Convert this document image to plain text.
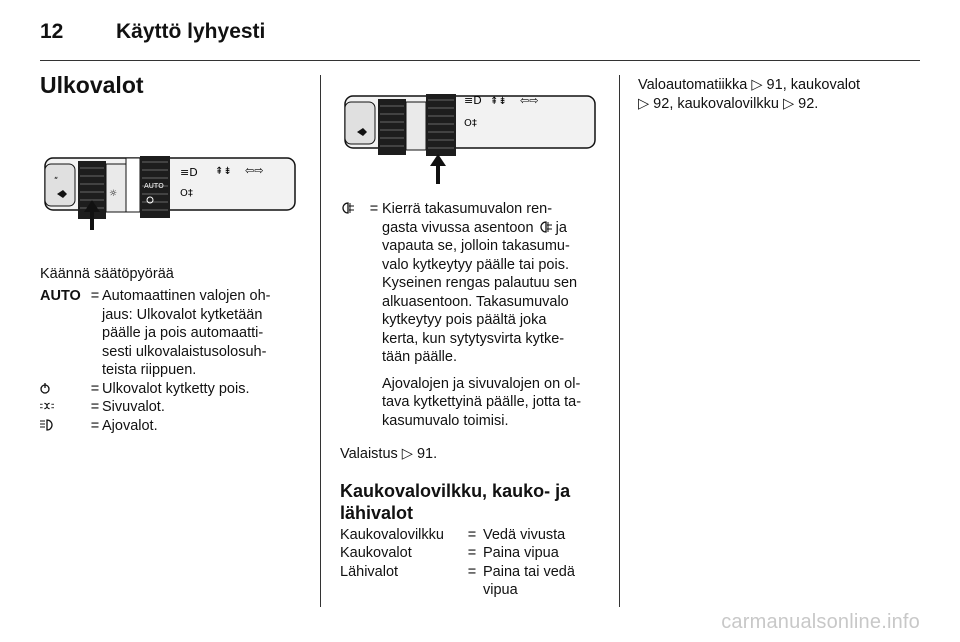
12	Käyttö lyhyesti
Ulkovalot
ʺ
☼
AUTO
≡D
O‡
⇞⇟ ⇦⇨

Käännä säätöpyörää

AUTO = Automaattinen valojen oh-
jaus: Ulkovalot kytketään
päälle ja pois automaatti-
sesti ulkovalaistusolosuh-
teista riippuen.
= Ulkovalot kytketty pois.
= Sivuvalot.
= Ajovalot.
≡D
O‡
⇞⇟ ⇦⇨
= Kierrä takasumuvalon ren-
gasta vivussa asentoon  ja
vapauta se, jolloin takasumu-
valo kytkeytyy päälle tai pois.
Kyseinen rengas palautuu sen
alkuasentoon. Takasumuvalo
kytkeytyy pois päältä joka
kerta, kun sytytysvirta kytke-
tään päälle.
Ajovalojen ja sivuvalojen on ol-
tava kytkettyinä päälle, jotta ta-
kasumuvalo toimisi.

Valaistus ▷ 91.

Kaukovalovilkku, kauko- ja
lähivalot
Kaukovalovilkku	= Vedä vivusta
Kaukovalot	= Paina vipua
Lähivalot	= Paina tai vedä
vipua

Valoautomatiikka ▷ 91, kaukovalot
▷ 92, kaukovalovilkku ▷ 92.

carmanualsonline.info
